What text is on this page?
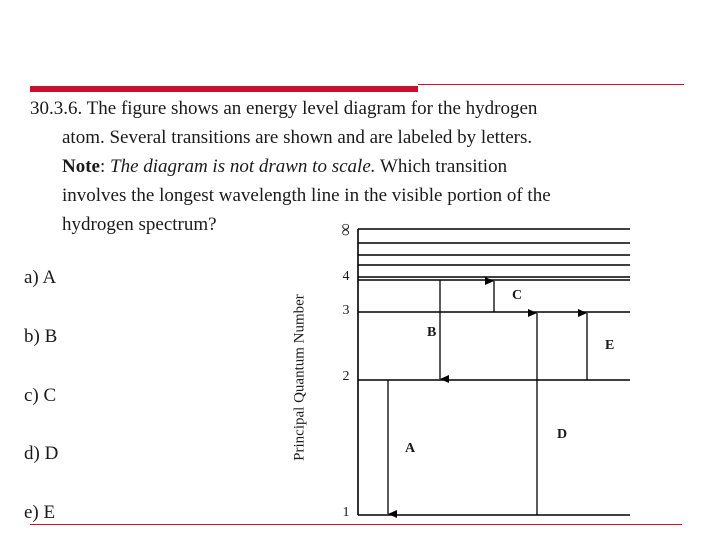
30.3.6. The figure shows an energy level diagram for the hydrogen
atom. Several transitions are shown and are labeled by letters.
Note: The diagram is not drawn to scale. Which transition
involves the longest wavelength line in the visible portion of the
hydrogen spectrum?
a) A
b) B
c) C
d) D
e) E
Principal Quantum Number
1
2
3
4
∞
A
B
C
D
E
